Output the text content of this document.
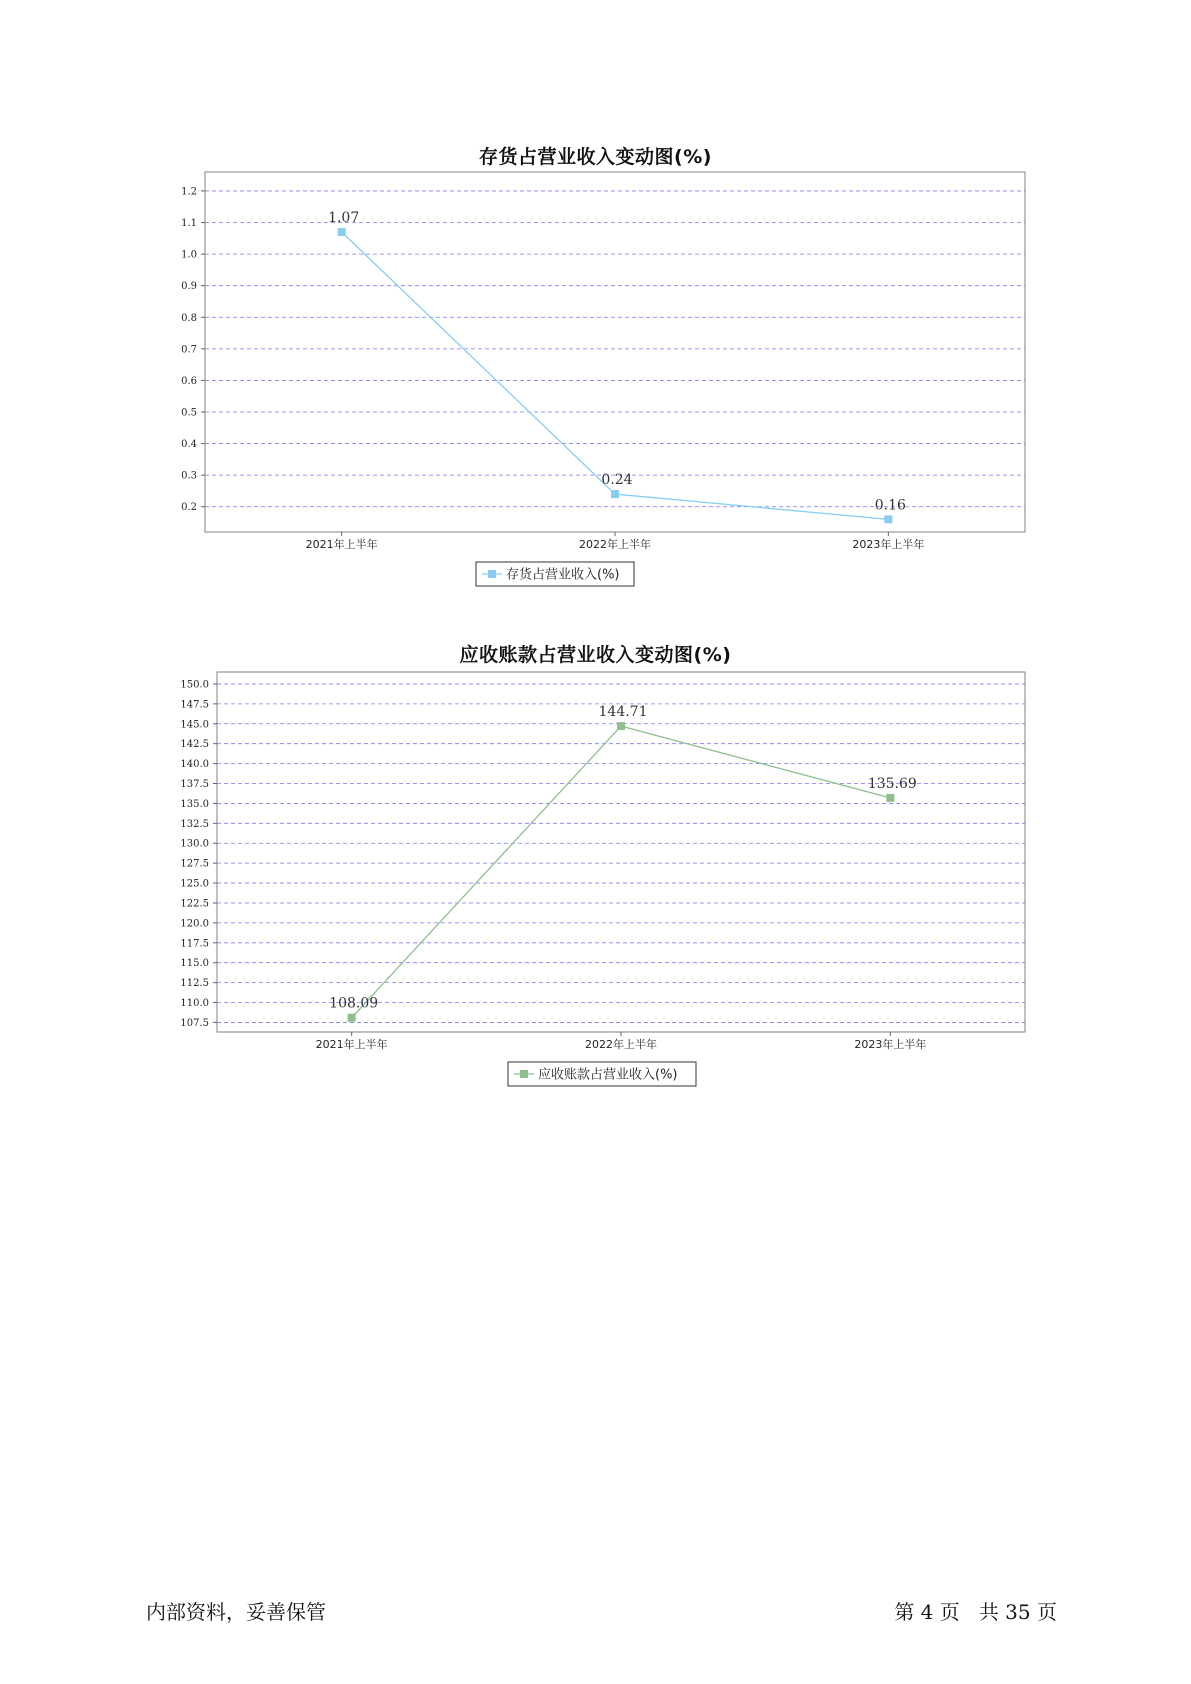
存货占营业收入变动图(%)
0.2
0.3
0.4
0.5
0.6
0.7
0.8
0.9
1.0
1.1
1.2
2021年上半年	2022年上半年	2023年上半年
1.07
0.24
0.16
存货占营业收入(%)
应收账款占营业收入变动图(%)
107.5
110.0
112.5
115.0
117.5
120.0
122.5
125.0
127.5
130.0
132.5
135.0
137.5
140.0
142.5
145.0
147.5
150.0
2021年上半年	2022年上半年	2023年上半年
108.09
144.71
135.69
应收账款占营业收入(%)
内部资料，妥善保管	第 4 页   共 35 页
